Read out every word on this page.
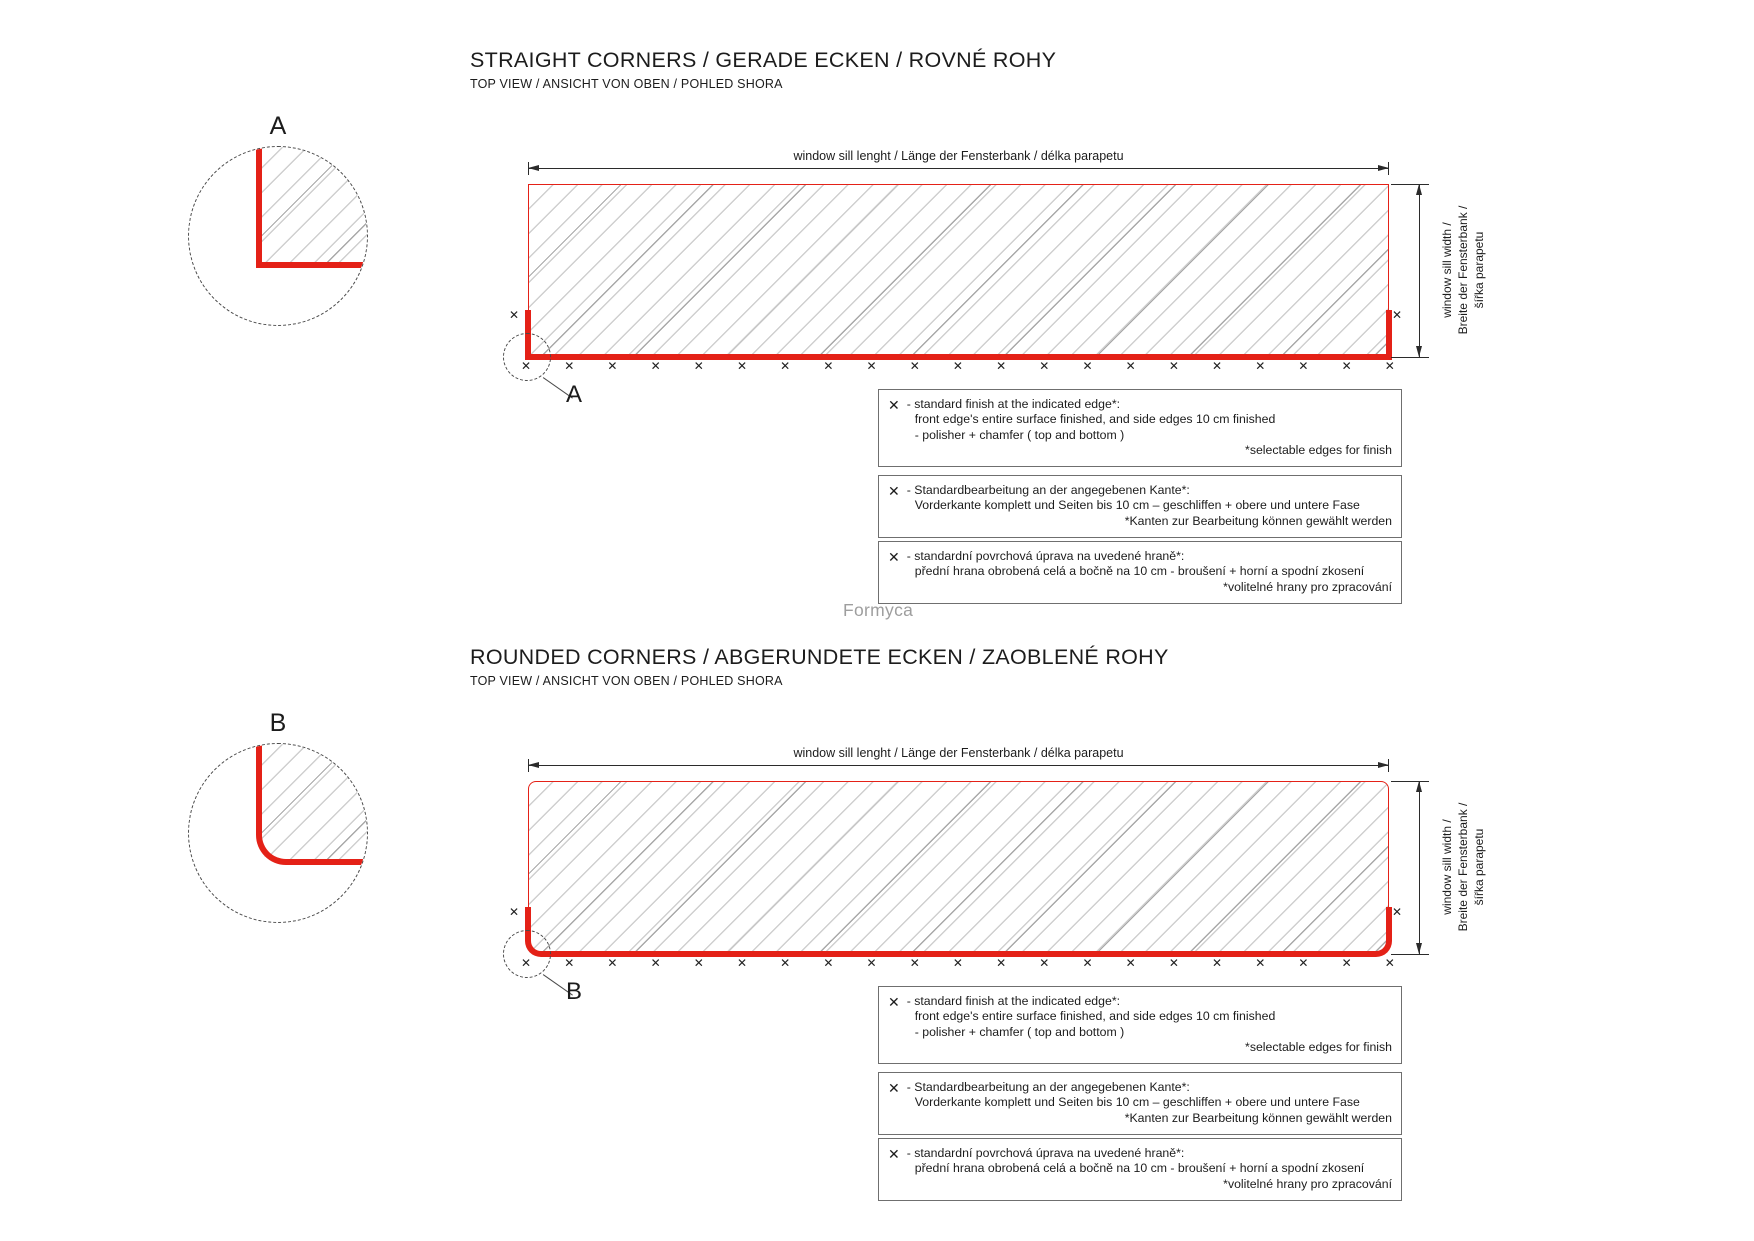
STRAIGHT CORNERS / GERADE ECKEN / ROVNÉ ROHY
TOP VIEW / ANSICHT VON OBEN / POHLED SHORA
A
window sill lenght / Länge der Fensterbank / délka parapetu
window sill width / Breite der Fensterbank / šířka parapetu
✕	✕	✕	✕	✕	✕	✕	✕	✕	✕	✕	✕	✕	✕	✕	✕	✕	✕	✕	✕	✕
✕	✕
A	✕ - standard finish at the indicated edge*:
front edge's entire surface finished, and side edges 10 cm finished
- polisher + chamfer ( top and bottom )
*selectable edges for finish
✕ - Standardbearbeitung an der angegebenen Kante*:
Vorderkante komplett und Seiten bis 10 cm – geschliffen + obere und untere Fase
*Kanten zur Bearbeitung können gewählt werden
✕ - standardní povrchová úprava na uvedené hraně*:
přední hrana obrobená celá a bočně na 10 cm - broušení + horní a spodní zkosení
*volitelné hrany pro zpracování
Formyca
ROUNDED CORNERS / ABGERUNDETE ECKEN / ZAOBLENÉ ROHY
TOP VIEW / ANSICHT VON OBEN / POHLED SHORA
B
window sill lenght / Länge der Fensterbank / délka parapetu
window sill width / Breite der Fensterbank / šířka parapetu
✕	✕	✕	✕	✕	✕	✕	✕	✕	✕	✕	✕	✕	✕	✕	✕	✕	✕	✕	✕	✕
✕	✕
B	✕ - standard finish at the indicated edge*:
front edge's entire surface finished, and side edges 10 cm finished
- polisher + chamfer ( top and bottom )
*selectable edges for finish
✕ - Standardbearbeitung an der angegebenen Kante*:
Vorderkante komplett und Seiten bis 10 cm – geschliffen + obere und untere Fase
*Kanten zur Bearbeitung können gewählt werden
✕ - standardní povrchová úprava na uvedené hraně*:
přední hrana obrobená celá a bočně na 10 cm - broušení + horní a spodní zkosení
*volitelné hrany pro zpracování
